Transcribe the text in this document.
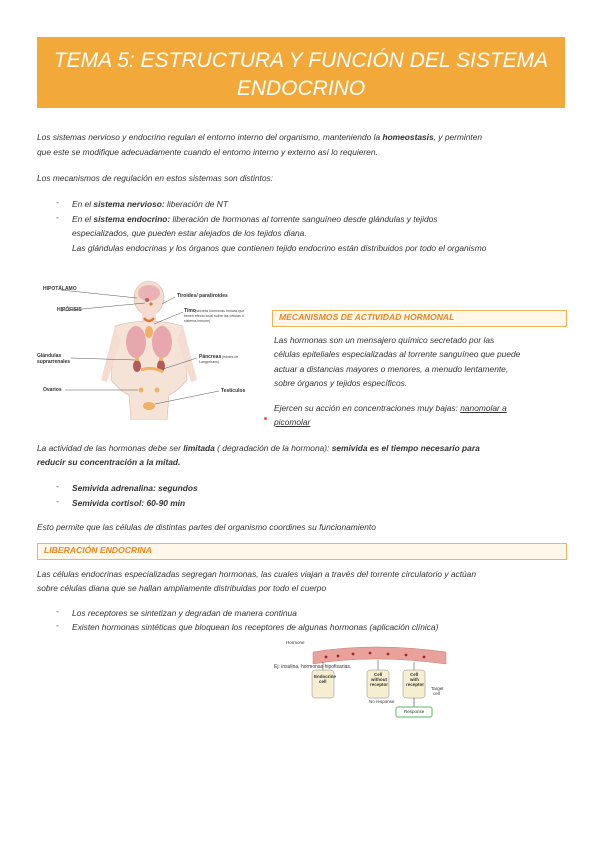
TEMA 5: ESTRUCTURA Y FUNCIÓN DEL SISTEMA
ENDOCRINO
Los sistemas nervioso y endocrino regulan el entorno interno del organismo, manteniendo la homeostasis, y perminten
que este se modifique adecuadamente cuando el entorno interno y externo así lo requieren.
Los mecanismos de regulación en estos sistemas son distintos:
- En el sistema nervioso: liberación de NT
- En el sistema endocrino: liberación de hormonas al torrente sanguíneo desde glándulas y tejidos
especializados, que pueden estar alejados de los tejidos diana.
Las glándulas endocrinas y los órganos que contienen tejido endocrino están distribuidos por todo el organismo
HIPOTÁLAMO
HIPÓFISIS
Tiroides/ paratiroides
Timo (secreta hormonas tímicas que
tienen efecto local sobre las células d
sistema inmune)
Glándulas
suprarrenales
Páncreas (islotes de
Langerhans)
Ovarios	Testículos
MECANISMOS DE ACTIVIDAD HORMONAL
Las hormonas son un mensajero químico secretado por las
células epiteliales especializadas al torrente sanguíneo que puede
actuar a distancias mayores o menores, a menudo lentamente,
sobre órganos y tejidos específicos.
Ejercen su acción en concentraciones muy bajas: nanomolar a
picomolar
La actividad de las hormonas debe ser limitada ( degradación de la hormona): semivida es el tiempo necesario para
reducir su concentración a la mitad.
- Semivida adrenalina: segundos
- Semivida cortisol: 60-90 min
Esto permite que las células de distintas partes del organismo coordines su funcionamiento
LIBERACIÓN ENDOCRINA
Las células endocrinas especializadas segregan hormonas, las cuales viajan a través del torrente circulatorio y actúan
sobre células diana que se hallan ampliamente distribuidas por todo el cuerpo
- Los receptores se sintetizan y degradan de manera continua
- Existen hormonas sintéticas que bloquean los receptores de algunas hormonas (aplicación clínica)
Hormone
Ej: insulina, hormonas hipofisarias.
Endocrine
cell
Cell
without
receptor
Cell
with
receptor
Target
cell
No response
Response
